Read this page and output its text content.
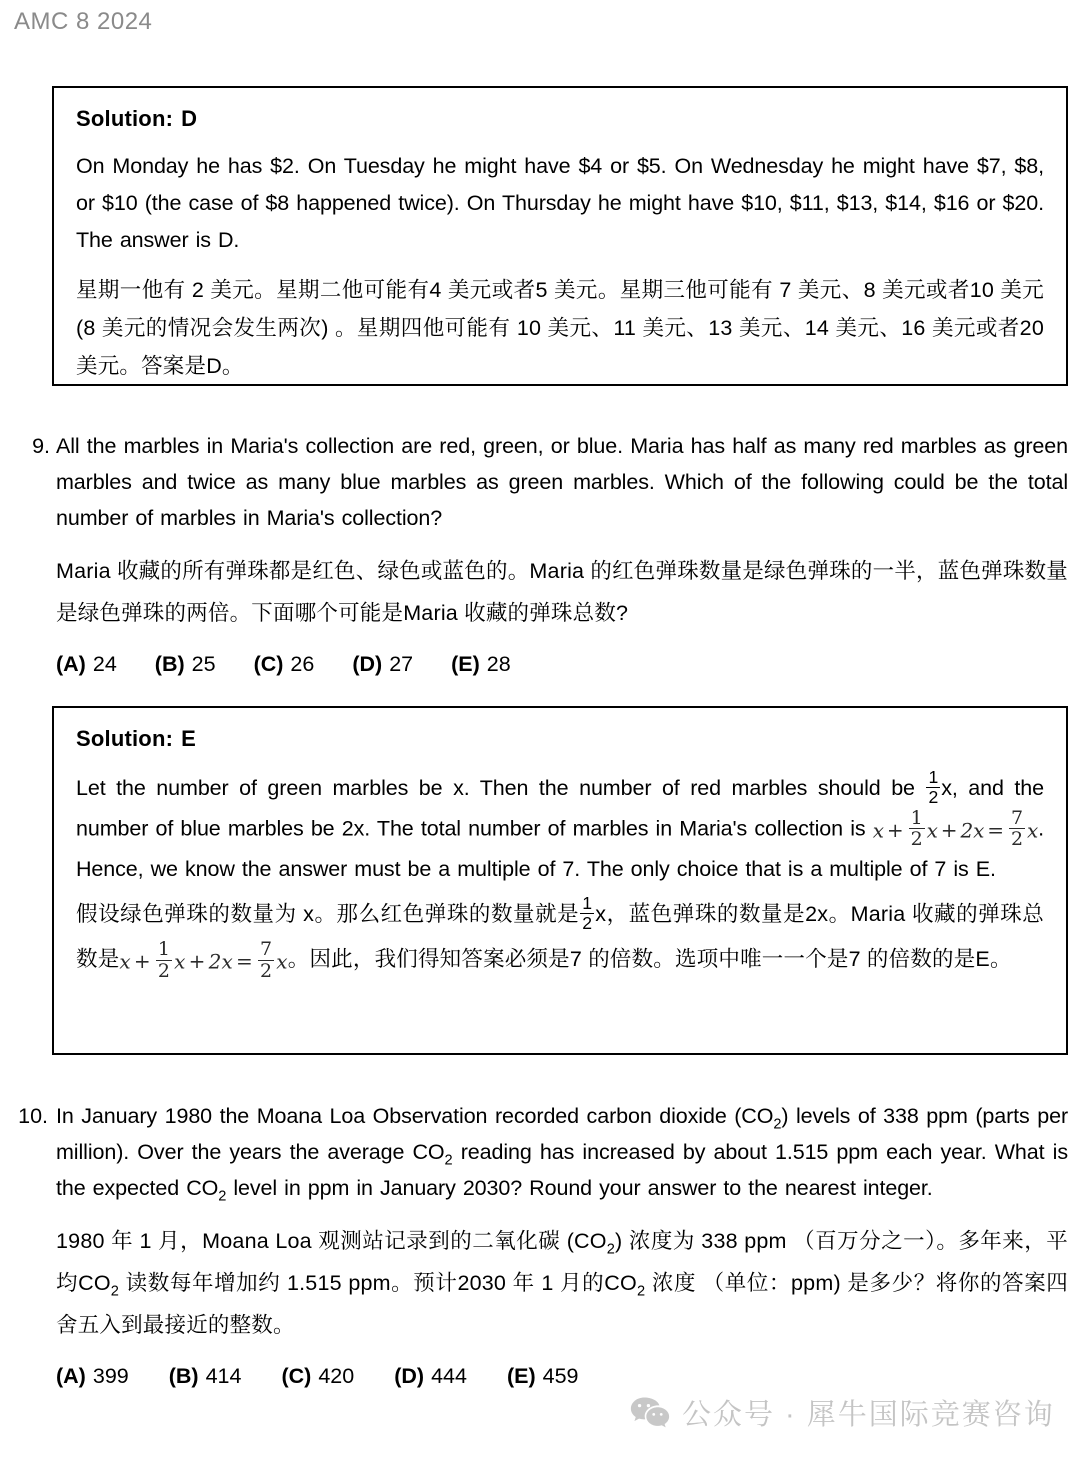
AMC 8 2024
Solution: D

On Monday he has $2. On Tuesday he might have $4 or $5. On Wednesday he might have $7, $8, or $10 (the case of $8 happened twice). On Thursday he might have $10, $11, $13, $14, $16 or $20. The answer is D.

星期一他有 2 美元。星期二他可能有4 美元或者5 美元。星期三他可能有 7 美元、8 美元或者10 美元 (8 美元的情况会发生两次) 。星期四他可能有 10 美元、11 美元、13 美元、14 美元、16 美元或者20 美元。答案是D。

9. All the marbles in Maria's collection are red, green, or blue. Maria has half as many red marbles as green marbles and twice as many blue marbles as green marbles. Which of the following could be the total number of marbles in Maria's collection?

Maria 收藏的所有弹珠都是红色、绿色或蓝色的。Maria 的红色弹珠数量是绿色弹珠的一半，蓝色弹珠数量是绿色弹珠的两倍。下面哪个可能是Maria 收藏的弹珠总数?

(A) 24 (B) 25 (C) 26 (D) 27 (E) 28
Solution: E

Let the number of green marbles be x. Then the number of red marbles should be $\frac{1}{2} x$, and the number of blue marbles be 2x. The total number of marbles in Maria's collection is $x + \frac{1}{2}$ $x + 2x = \frac{7}{2} x$. Hence, we know the answer must be a multiple of 7. The only choice that is a multiple of 7 is E.

假设绿色弹珠的数量为 x。那么红色弹珠的数量就是 $\frac{1}{2}$ x，蓝色弹珠的数量是2x。Maria 收藏的弹珠总数是$x + \frac{1}{2}$ $x + 2x = \frac{7}{2}$ x。因此，我们得知答案必须是7 的倍数。选项中唯一一个是7 的倍数的是E。

10. In January 1980 the Moana Loa Observation recorded carbon dioxide $(CO_2)$ levels of 338 ppm (parts per million). Over the years the average $CO_2$ reading has increased by about 1.515 ppm each year. What is the expected $CO_2$ level in ppm in January 2030? Round your answer to the nearest integer.

1980 年 1 月，Moana Loa 观测站记录到的二氧化碳 $(CO_2)$ 浓度为 338 ppm （百万分之一）。多年来，平均$CO_2$ 读数每年增加约 1.515 ppm。预计2030 年 1 月的$CO_2$ 浓度 （单位：ppm) 是多少？将你的答案四舍五入到最接近的整数。

(A) 399 (B) 414 (C) 420 (D) 444 (E) 459
公众号 · 犀牛国际竞赛咨询
